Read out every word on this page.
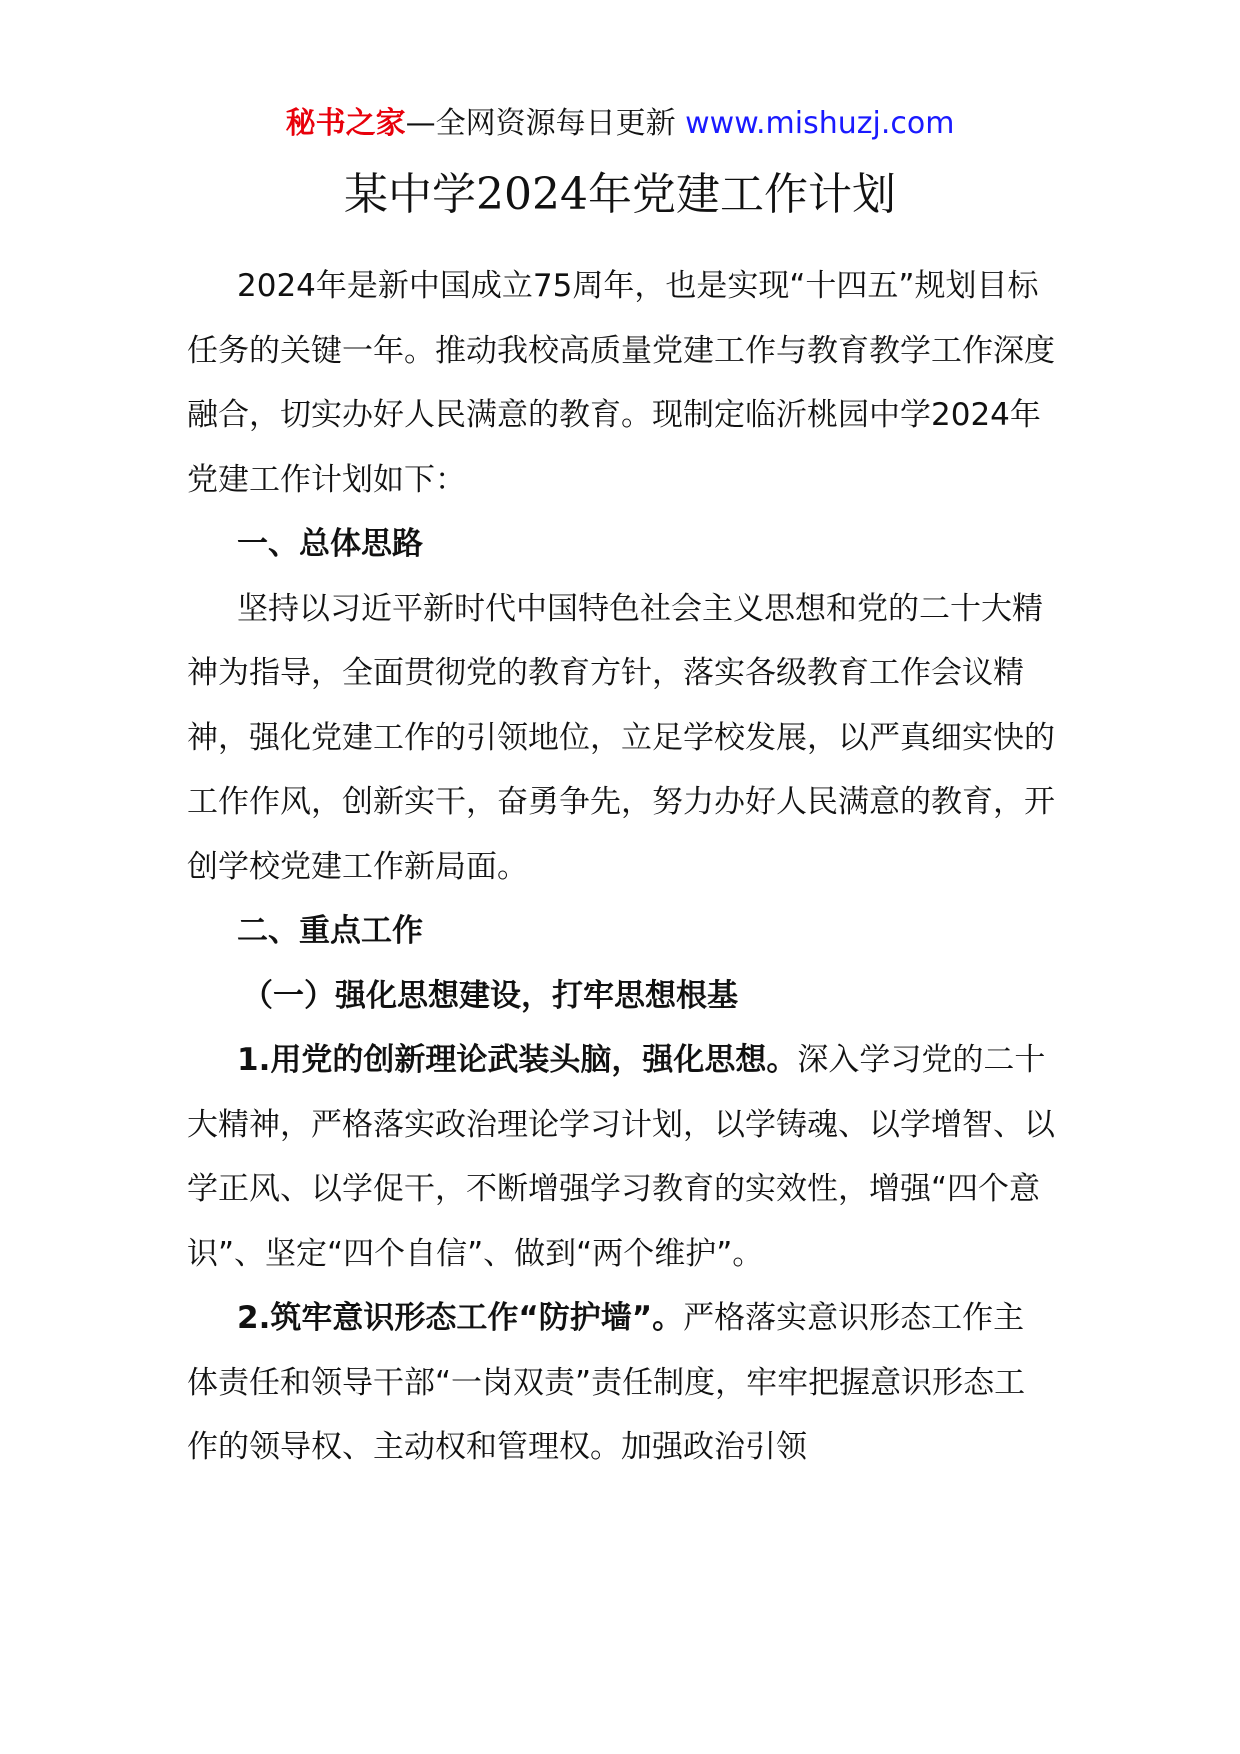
秘书之家—全网资源每日更新 www.mishuzj.com
某中学2024年党建工作计划

2024年是新中国成立75周年，也是实现“十四五”规划目标任务的关键一年。推动我校高质量党建工作与教育教学工作深度融合，切实办好人民满意的教育。现制定临沂桃园中学2024年党建工作计划如下：

一、总体思路

坚持以习近平新时代中国特色社会主义思想和党的二十大精神为指导，全面贯彻党的教育方针，落实各级教育工作会议精神，强化党建工作的引领地位，立足学校发展，以严真细实快的工作作风，创新实干，奋勇争先，努力办好人民满意的教育，开创学校党建工作新局面。

二、重点工作

（一）强化思想建设，打牢思想根基

1.用党的创新理论武装头脑，强化思想。深入学习党的二十大精神，严格落实政治理论学习计划，以学铸魂、以学增智、以学正风、以学促干，不断增强学习教育的实效性，增强“四个意识”、坚定“四个自信”、做到“两个维护”。

2.筑牢意识形态工作“防护墙”。严格落实意识形态工作主体责任和领导干部“一岗双责”责任制度，牢牢把握意识形态工作的领导权、主动权和管理权。加强政治引领
